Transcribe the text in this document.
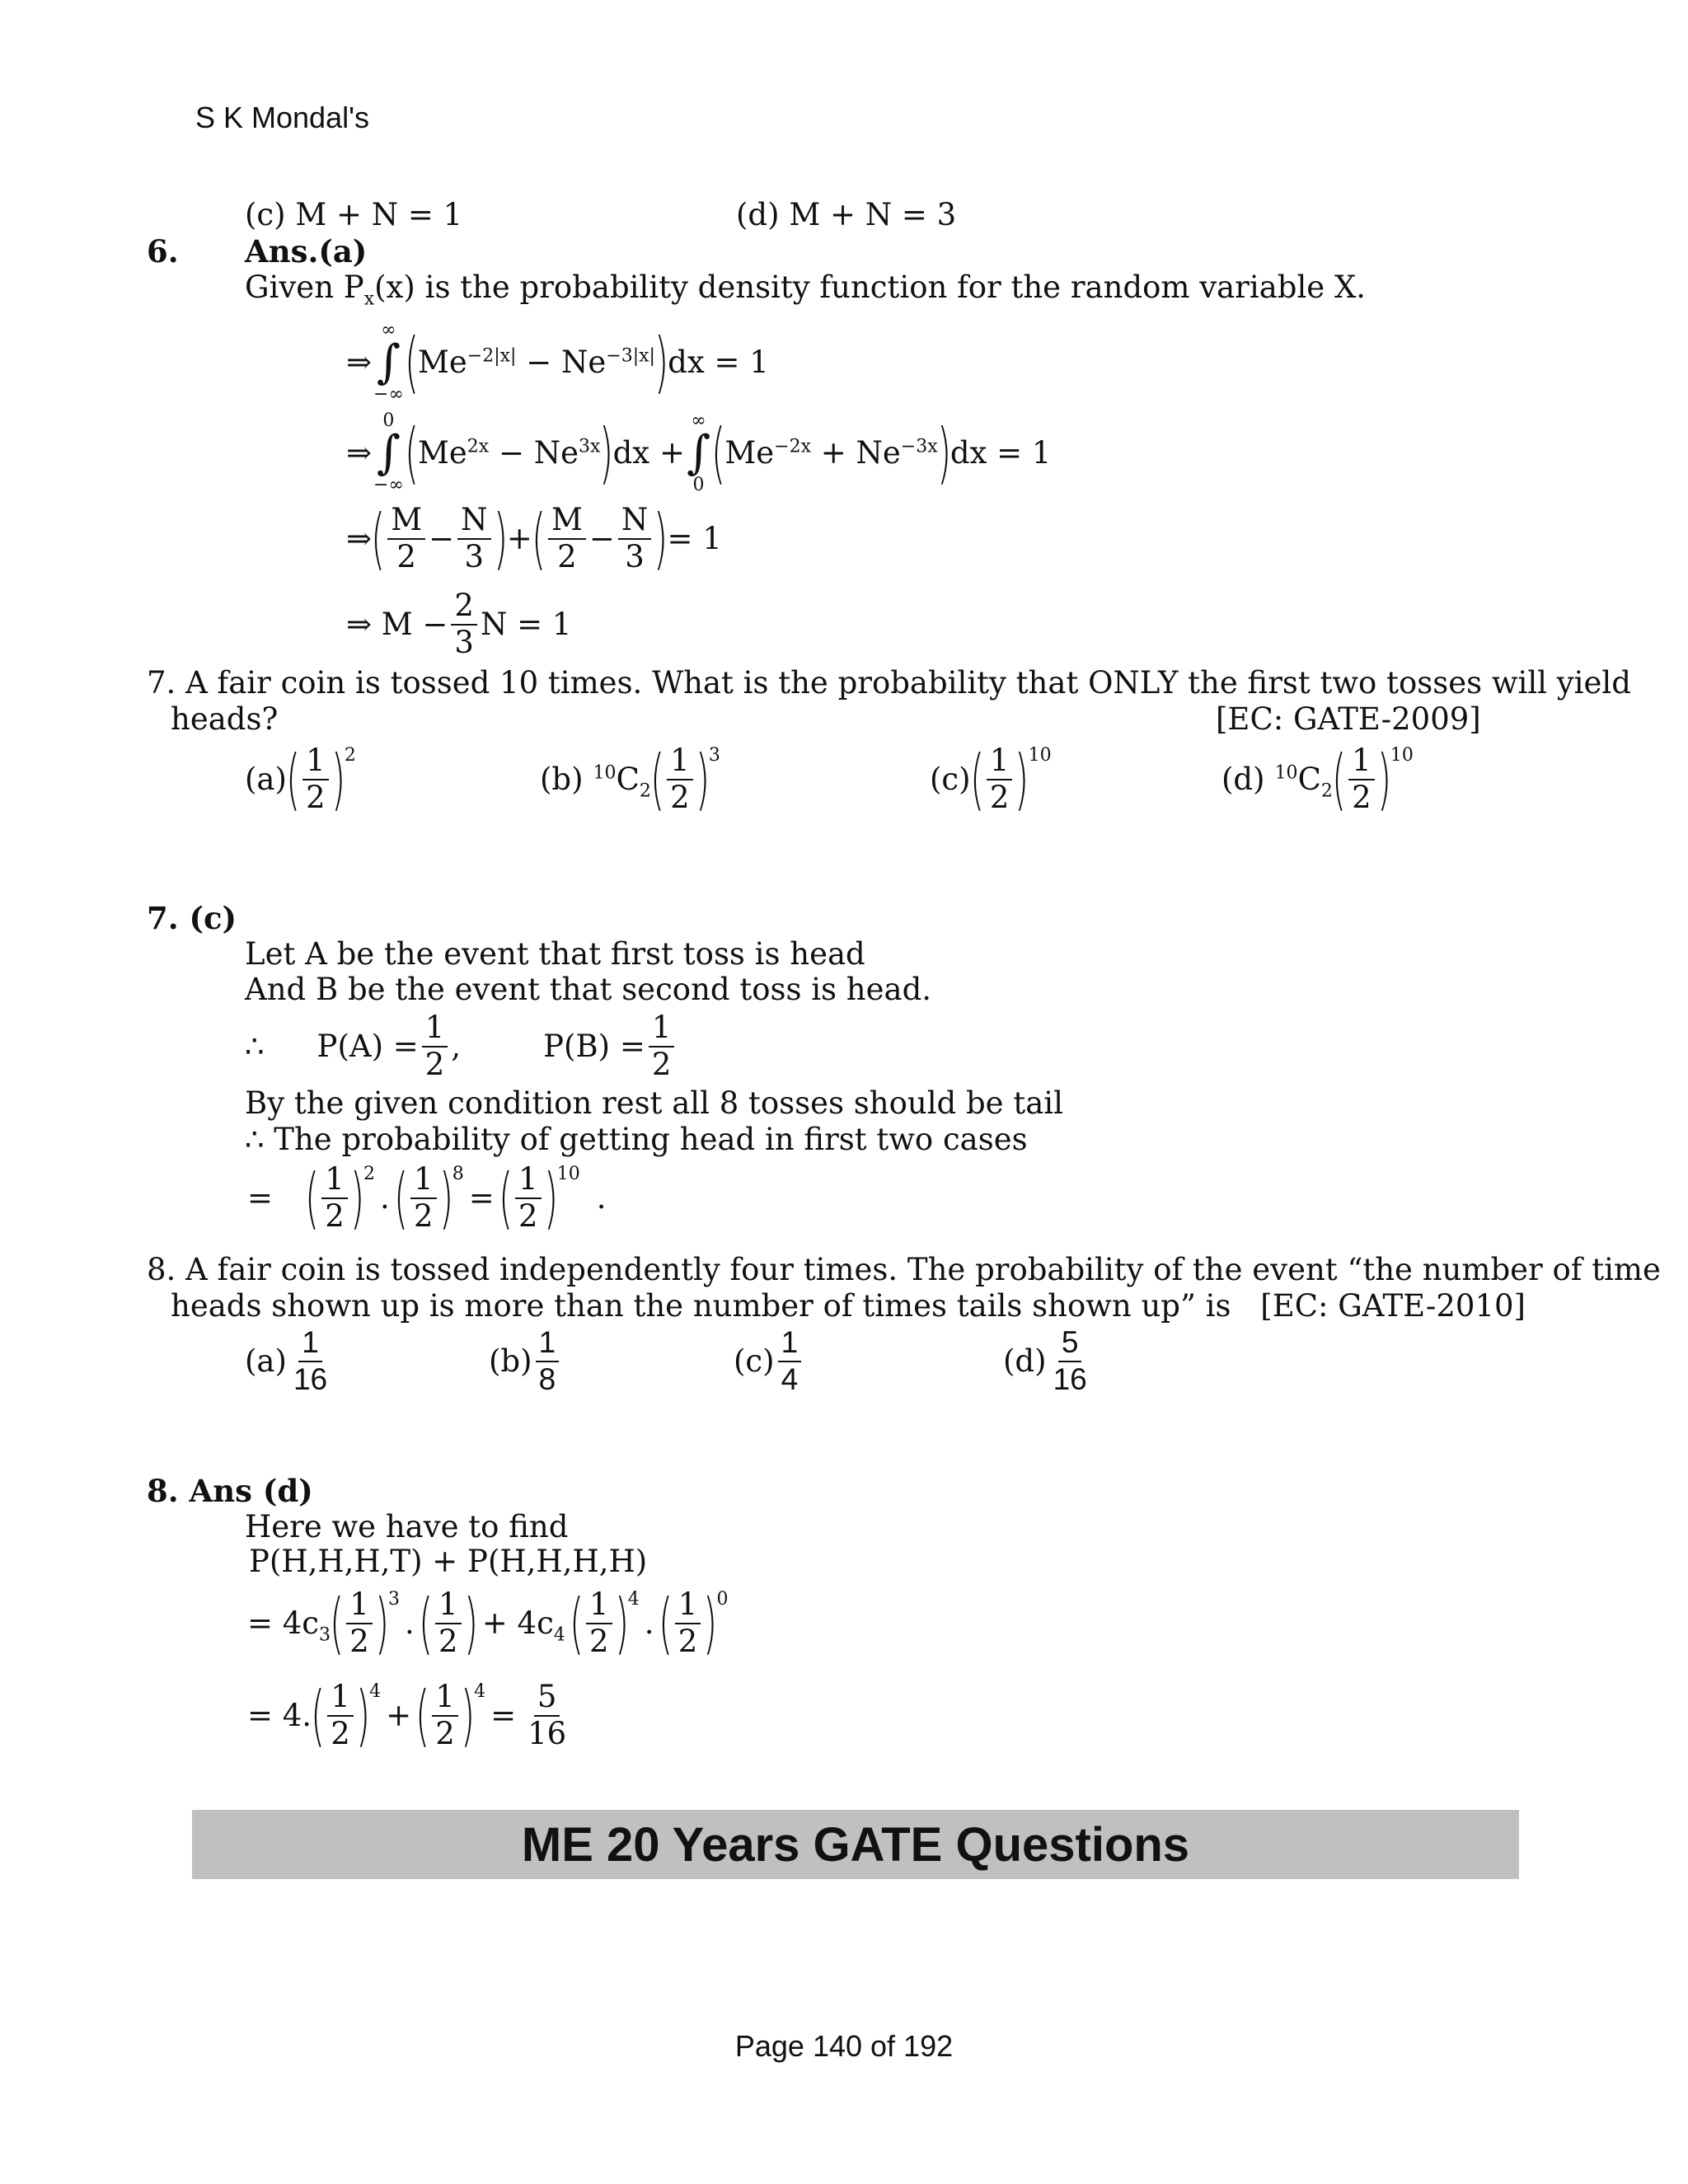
S K Mondal's
(c) M + N = 1	(d) M + N = 3
6. Ans.(a)
Given $P_x(x)$ is the probability density function for the random variable X.
⇒
∞
∫
−∞ ( $Me^{-2|x|} - Ne^{-3|x|}$ ) dx = 1
⇒
0
∫
−∞ ( $Me^{2x} - Ne^{3x}$ ) dx +
∞
∫
0 ( $Me^{-2x} + Ne^{-3x}$ ) dx = 1
⇒ ( $\frac{M}{2} - \frac{N}{3}$ ) + ( $\frac{M}{2} - \frac{N}{3}$ ) = 1
⇒ $M - \frac{2}{3}$ N = 1
7. A fair coin is tossed 10 times. What is the probability that ONLY the first two tosses will yield
heads?	[EC: GATE-2009]
(a) ( $\frac{1}{2}$ ) 2
(b) $^{10}C_2$ ( $\frac{1}{2}$ ) 3
(c) ( $\frac{1}{2}$ ) 10
(d) $^{10}C_2$ ( $\frac{1}{2}$ ) 10
7. (c)
Let A be the event that first toss is head
And B be the event that second toss is head.
∴ $P(A) = \frac{1}{2}$ ,	$P(B) = \frac{1}{2}$
By the given condition rest all 8 tosses should be tail
∴ The probability of getting head in first two cases
= ( $\frac{1}{2}$ ) 2
. ( $\frac{1}{2}$ ) 8
= ( $\frac{1}{2}$ ) 10
.
8. A fair coin is tossed independently four times. The probability of the event “the number of time
heads shown up is more than the number of times tails shown up” is [EC: GATE-2010]
$(a) \frac{1}{16}$	$(b) \frac{1}{8}$	$(c) \frac{1}{4}$	$(d) \frac{5}{16}$
8. Ans (d)
Here we have to find
P(H,H,H,T) + P(H,H,H,H)
= $4c_3$ ( $\frac{1}{2}$ ) 3
. ( $\frac{1}{2}$ ) + $4c_4$ ( $\frac{1}{2}$ ) 4
. ( $\frac{1}{2}$ ) 0
= 4. ( $\frac{1}{2}$ ) 4
+ ( $\frac{1}{2}$ ) 4
= $\frac{5}{16}$
ME 20 Years GATE Questions
Page 140 of 192
